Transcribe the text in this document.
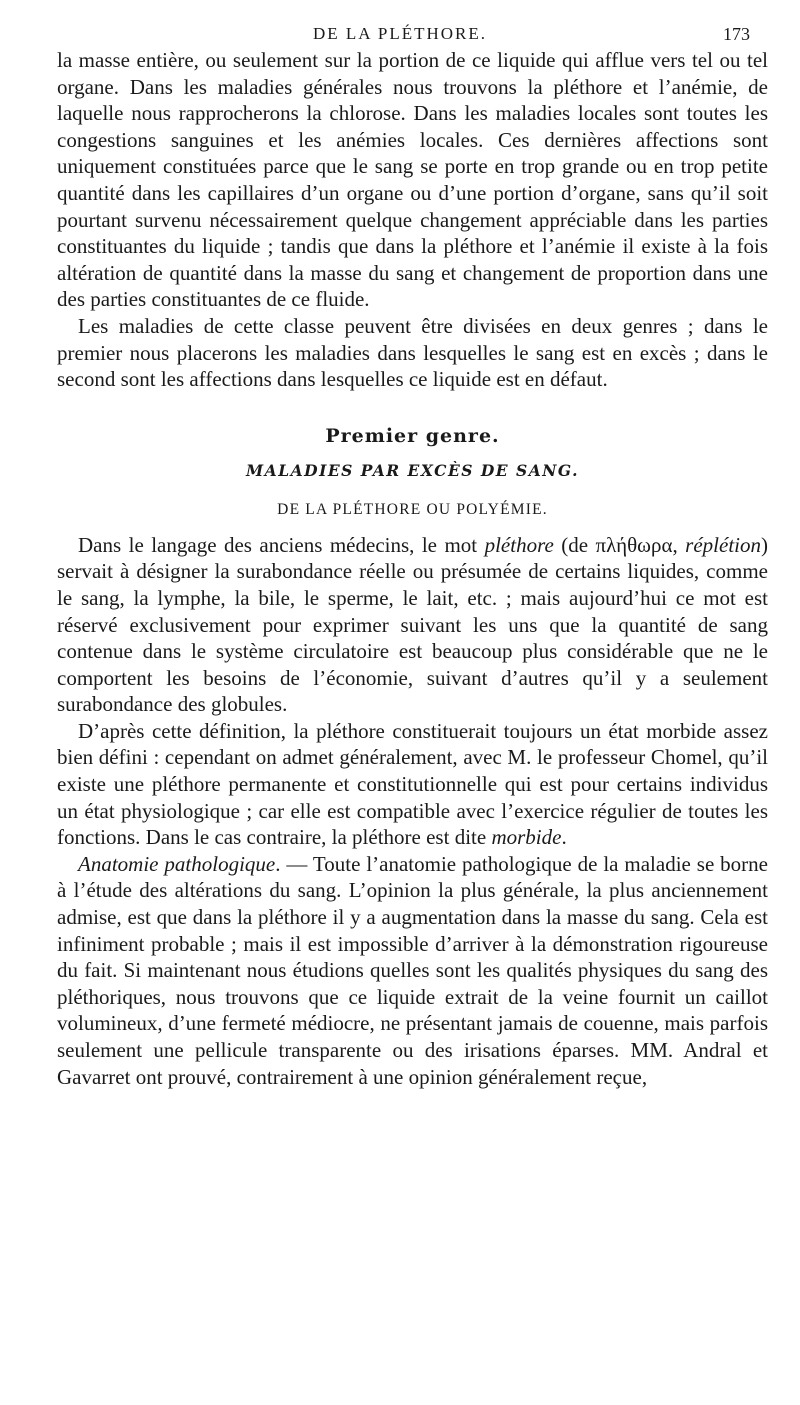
DE LA PLÉTHORE.	173

la masse entière, ou seulement sur la portion de ce liquide qui afflue vers tel ou tel organe. Dans les maladies générales nous trouvons la pléthore et l’anémie, de laquelle nous rapprocherons la chlorose. Dans les maladies locales sont toutes les congestions sanguines et les anémies locales. Ces dernières affections sont uniquement constituées parce que le sang se porte en trop grande ou en trop petite quantité dans les capillaires d’un organe ou d’une portion d’organe, sans qu’il soit pourtant survenu nécessairement quelque changement appréciable dans les parties constituantes du liquide ; tandis que dans la pléthore et l’anémie il existe à la fois altération de quantité dans la masse du sang et changement de proportion dans une des parties constituantes de ce fluide.

Les maladies de cette classe peuvent être divisées en deux genres ; dans le premier nous placerons les maladies dans lesquelles le sang est en excès ; dans le second sont les affections dans lesquelles ce liquide est en défaut.

Premier genre.
MALADIES PAR EXCÈS DE SANG.
DE LA PLÉTHORE OU POLYÉMIE.

Dans le langage des anciens médecins, le mot pléthore (de πλήθωρα, réplétion) servait à désigner la surabondance réelle ou présumée de certains liquides, comme le sang, la lymphe, la bile, le sperme, le lait, etc. ; mais aujourd’hui ce mot est réservé exclusivement pour exprimer suivant les uns que la quantité de sang contenue dans le système circulatoire est beaucoup plus considérable que ne le comportent les besoins de l’économie, suivant d’autres qu’il y a seulement surabondance des globules.

D’après cette définition, la pléthore constituerait toujours un état morbide assez bien défini : cependant on admet généralement, avec M. le professeur Chomel, qu’il existe une pléthore permanente et constitutionnelle qui est pour certains individus un état physiologique ; car elle est compatible avec l’exercice régulier de toutes les fonctions. Dans le cas contraire, la pléthore est dite morbide.

Anatomie pathologique. — Toute l’anatomie pathologique de la maladie se borne à l’étude des altérations du sang. L’opinion la plus générale, la plus anciennement admise, est que dans la pléthore il y a augmentation dans la masse du sang. Cela est infiniment probable ; mais il est impossible d’arriver à la démonstration rigoureuse du fait. Si maintenant nous étudions quelles sont les qualités physiques du sang des pléthoriques, nous trouvons que ce liquide extrait de la veine fournit un caillot volumineux, d’une fermeté médiocre, ne présentant jamais de couenne, mais parfois seulement une pellicule transparente ou des irisations éparses. MM. Andral et Gavarret ont prouvé, contrairement à une opinion généralement reçue,
